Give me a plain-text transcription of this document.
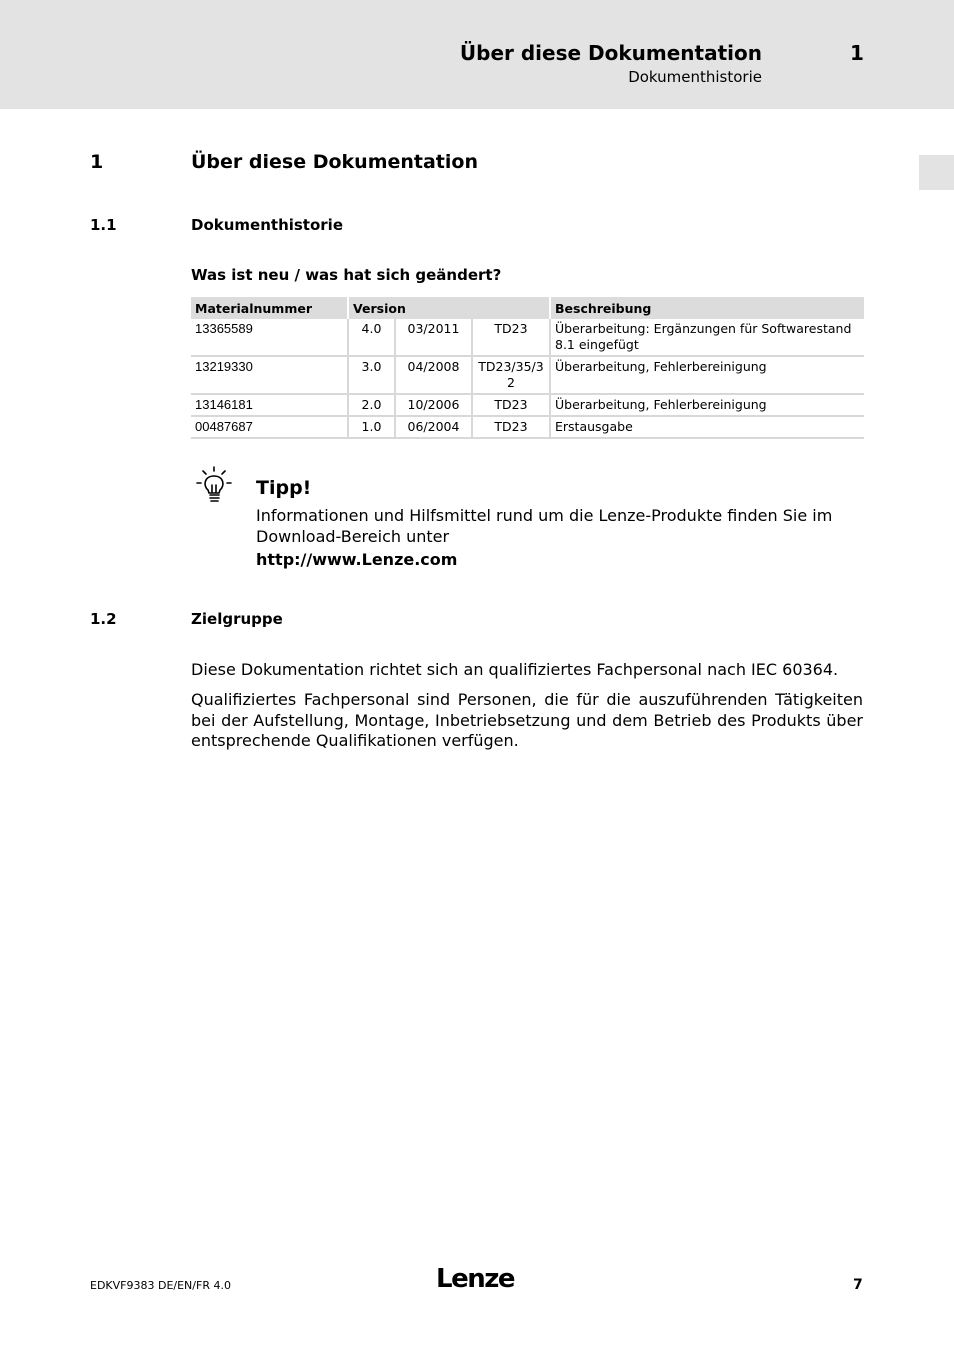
Über diese Dokumentation	1
Dokumenthistorie
1	Über diese Dokumentation
1.1	Dokumenthistorie
Was ist neu / was hat sich geändert?
Materialnummer	Version			Beschreibung
13365589	4.0	03/2011	TD23	Überarbeitung: Ergänzungen für Softwarestand 8.1 eingefügt
13219330	3.0	04/2008	TD23/35/32	Überarbeitung, Fehlerbereinigung
13146181	2.0	10/2006	TD23	Überarbeitung, Fehlerbereinigung
00487687	1.0	06/2004	TD23	Erstausgabe
Tipp!
Informationen und Hilfsmittel rund um die Lenze-Produkte finden Sie im Download-Bereich unter
http://www.Lenze.com
1.2	Zielgruppe
Diese Dokumentation richtet sich an qualifiziertes Fachpersonal nach IEC 60364.
Qualifiziertes Fachpersonal sind Personen, die für die auszuführenden Tätigkeiten bei der Aufstellung, Montage, Inbetriebsetzung und dem Betrieb des Produkts über entsprechende Qualifikationen verfügen.
EDKVF9383 DE/EN/FR 4.0	Lenze	7
